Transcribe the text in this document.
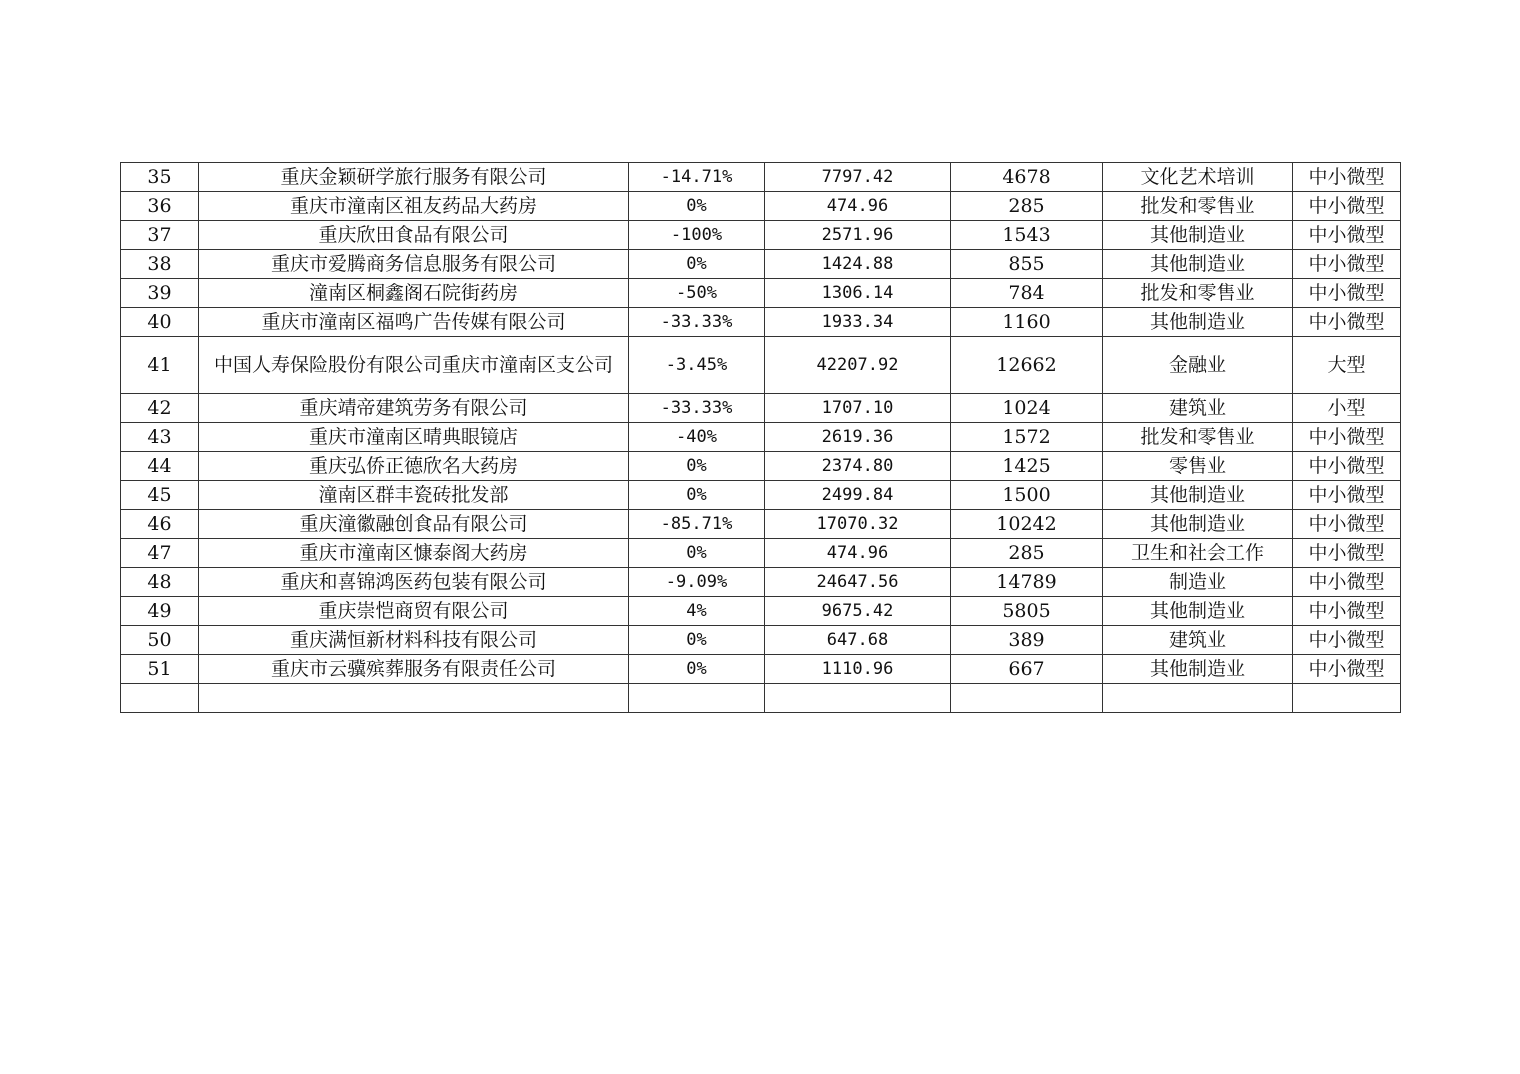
35	重庆金颖研学旅行服务有限公司	-14.71%	7797.42	4678	文化艺术培训	中小微型
36	重庆市潼南区祖友药品大药房	0%	474.96	285	批发和零售业	中小微型
37	重庆欣田食品有限公司	-100%	2571.96	1543	其他制造业	中小微型
38	重庆市爱腾商务信息服务有限公司	0%	1424.88	855	其他制造业	中小微型
39	潼南区桐鑫阁石院街药房	-50%	1306.14	784	批发和零售业	中小微型
40	重庆市潼南区福鸣广告传媒有限公司	-33.33%	1933.34	1160	其他制造业	中小微型
41	中国人寿保险股份有限公司重庆市潼南区支公司	-3.45%	42207.92	12662	金融业	大型
42	重庆靖帝建筑劳务有限公司	-33.33%	1707.10	1024	建筑业	小型
43	重庆市潼南区晴典眼镜店	-40%	2619.36	1572	批发和零售业	中小微型
44	重庆弘侨正德欣名大药房	0%	2374.80	1425	零售业	中小微型
45	潼南区群丰瓷砖批发部	0%	2499.84	1500	其他制造业	中小微型
46	重庆潼徽融创食品有限公司	-85.71%	17070.32	10242	其他制造业	中小微型
47	重庆市潼南区慷泰阁大药房	0%	474.96	285	卫生和社会工作	中小微型
48	重庆和喜锦鸿医药包装有限公司	-9.09%	24647.56	14789	制造业	中小微型
49	重庆崇恺商贸有限公司	4%	9675.42	5805	其他制造业	中小微型
50	重庆满恒新材料科技有限公司	0%	647.68	389	建筑业	中小微型
51	重庆市云骥殡葬服务有限责任公司	0%	1110.96	667	其他制造业	中小微型
